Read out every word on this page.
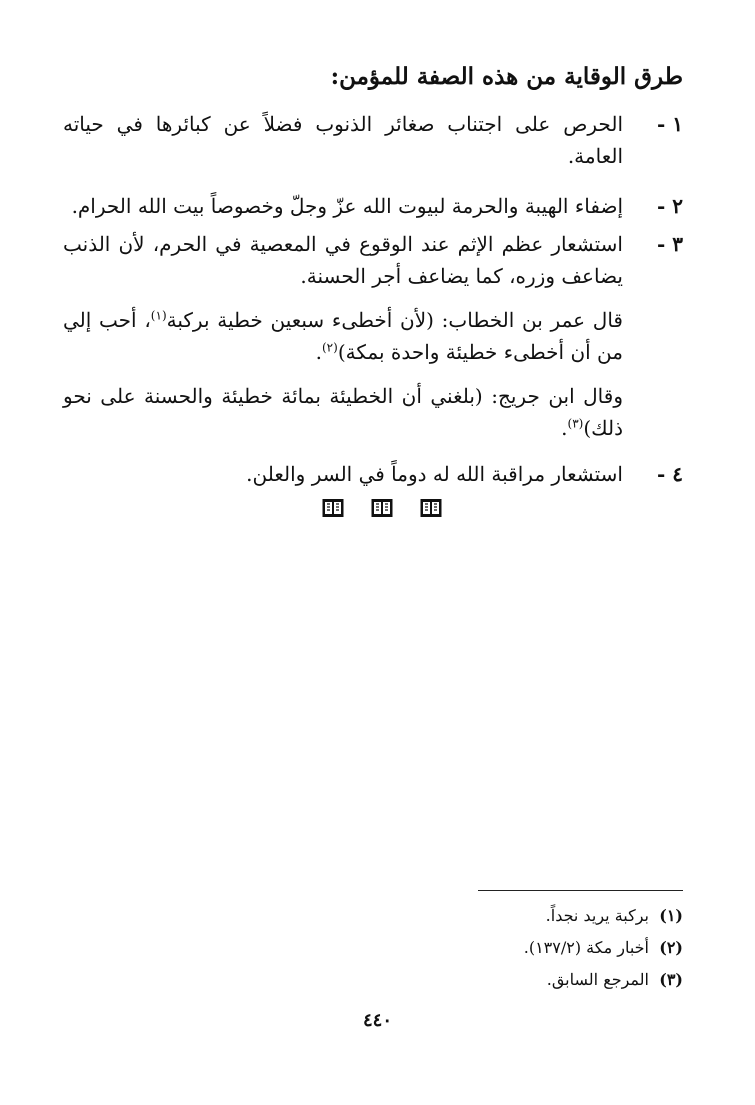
طرق الوقاية من هذه الصفة للمؤمن:
١ -
الحرص على اجتناب صغائر الذنوب فضلاً عن كبائرها في حياته العامة.
٢ -
إضفاء الهيبة والحرمة لبيوت الله عزّ وجلّ وخصوصاً بيت الله الحرام.
٣ -
استشعار عظم الإثم عند الوقوع في المعصية في الحرم، لأن الذنب يضاعف وزره، كما يضاعف أجر الحسنة.
قال عمر بن الخطاب: (لأن أخطىء سبعين خطية بركبة$^{(١)}$، أحب إلي من أن أخطىء خطيئة واحدة بمكة)$^{(٢)}$.
وقال ابن جريج: (بلغني أن الخطيئة بمائة خطيئة والحسنة على نحو ذلك)$^{(٣)}$.
٤ -
استشعار مراقبة الله له دوماً في السر والعلن.
(١)
بركبة يريد نجداً.
(٢)
أخبار مكة (١٣٧/٢).
(٣)
المرجع السابق.
٤٤٠
